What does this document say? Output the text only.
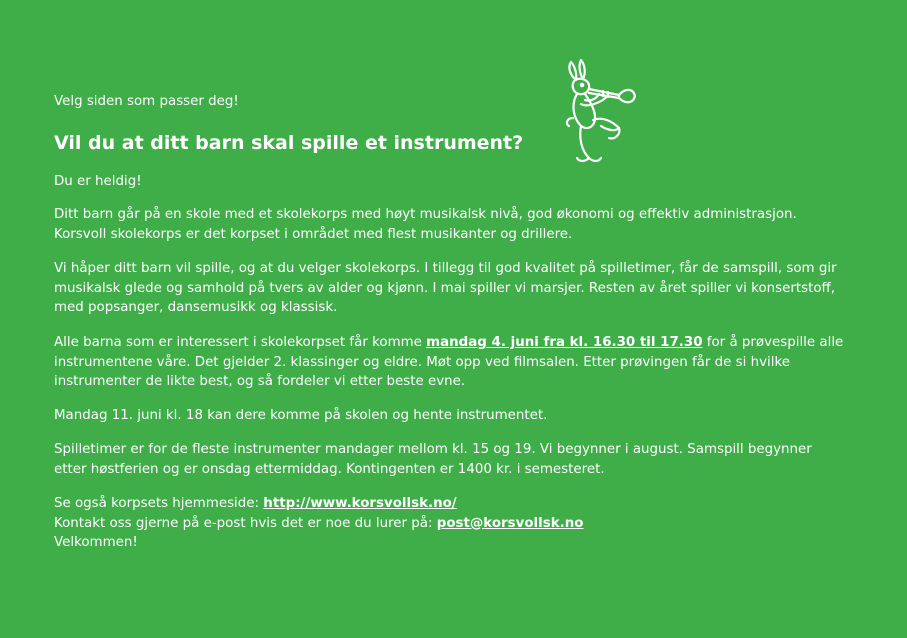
Velg siden som passer deg!

Vil du at ditt barn skal spille et instrument?

Du er heldig!

Ditt barn går på en skole med et skolekorps med høyt musikalsk nivå, god økonomi og effektiv administrasjon.
Korsvoll skolekorps er det korpset i området med flest musikanter og drillere.

Vi håper ditt barn vil spille, og at du velger skolekorps. I tillegg til god kvalitet på spilletimer, får de samspill, som gir
musikalsk glede og samhold på tvers av alder og kjønn. I mai spiller vi marsjer. Resten av året spiller vi konsertstoff,
med popsanger, dansemusikk og klassisk.

Alle barna som er interessert i skolekorpset får komme mandag 4. juni fra kl. 16.30 til 17.30 for å prøvespille alle
instrumentene våre. Det gjelder 2. klassinger og eldre. Møt opp ved filmsalen. Etter prøvingen får de si hvilke
instrumenter de likte best, og så fordeler vi etter beste evne.

Mandag 11. juni kl. 18 kan dere komme på skolen og hente instrumentet.

Spilletimer er for de fleste instrumenter mandager mellom kl. 15 og 19. Vi begynner i august. Samspill begynner
etter høstferien og er onsdag ettermiddag. Kontingenten er 1400 kr. i semesteret.

Se også korpsets hjemmeside: http://www.korsvollsk.no/
Kontakt oss gjerne på e-post hvis det er noe du lurer på: post@korsvollsk.no
Velkommen!
